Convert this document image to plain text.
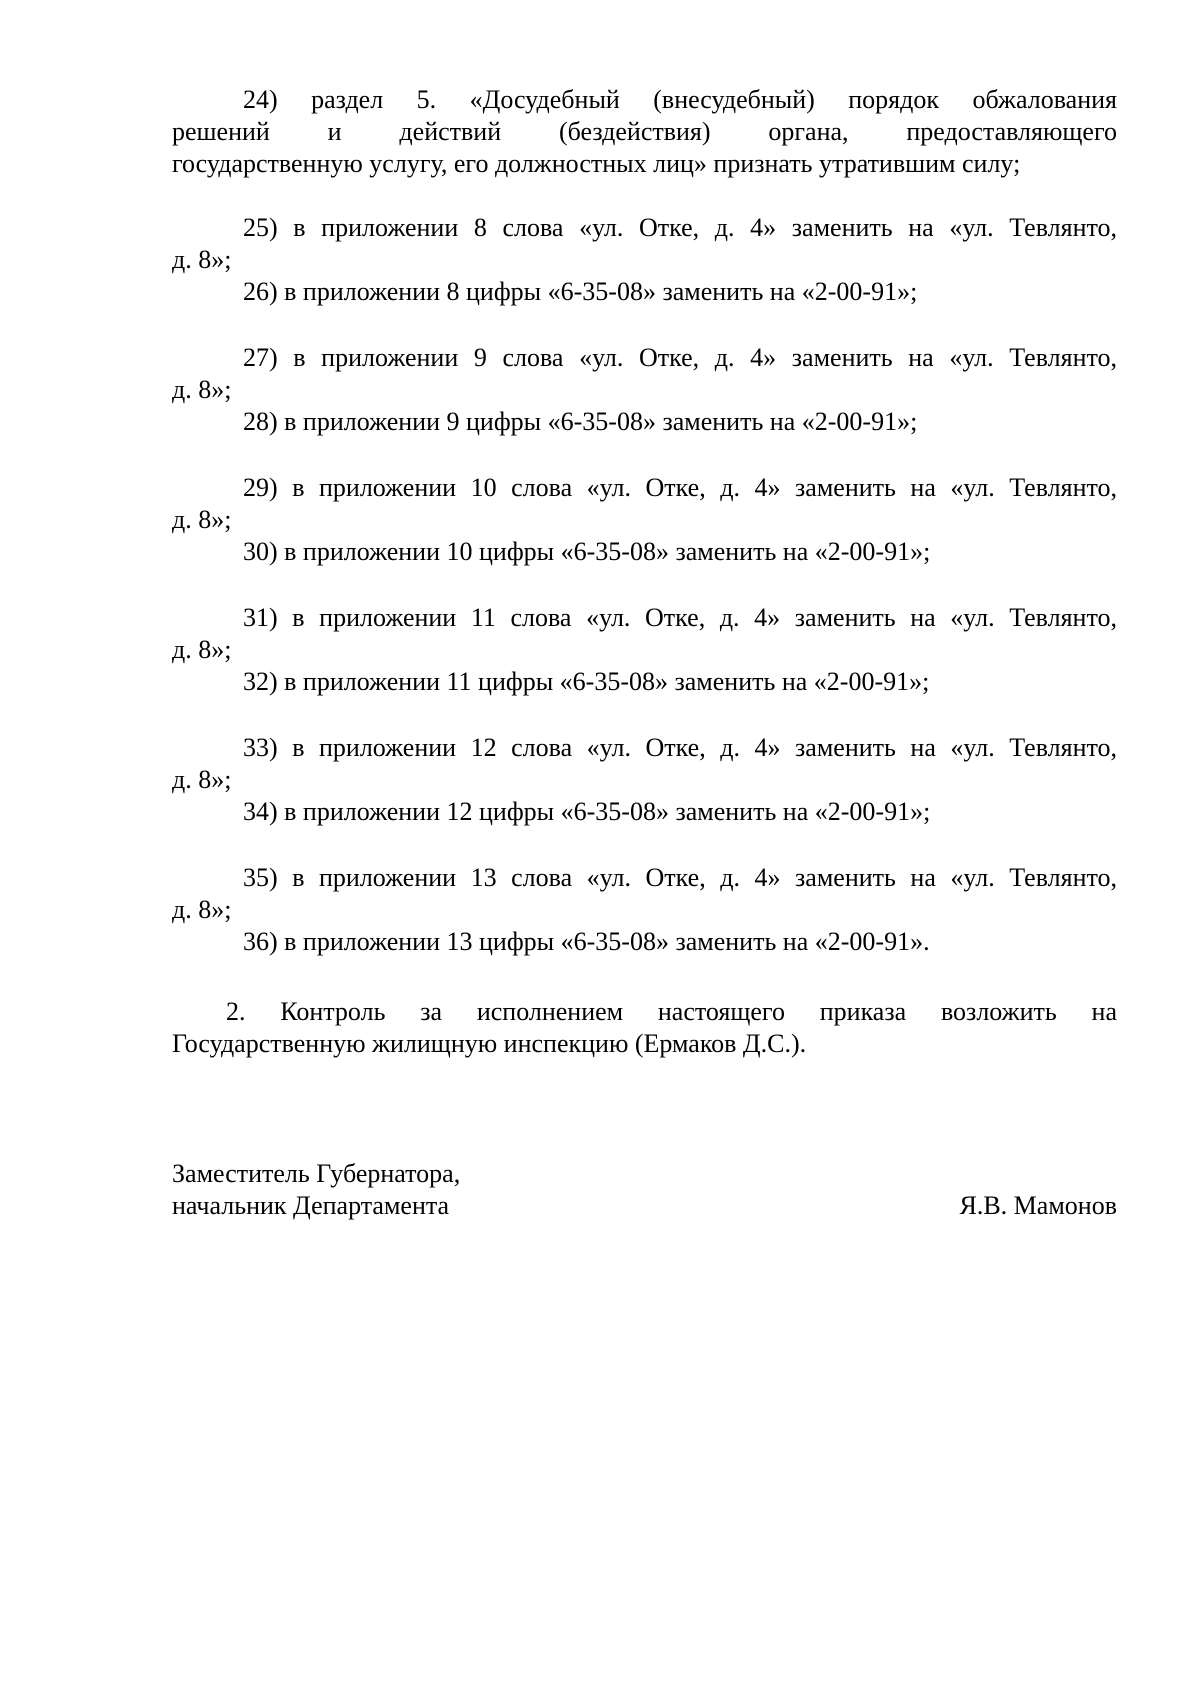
24) раздел 5. «Досудебный (внесудебный) порядок обжалования
решений и действий (бездействия) органа, предоставляющего
государственную услугу, его должностных лиц» признать утратившим силу;
25) в приложении 8 слова «ул. Отке, д. 4» заменить на «ул. Тевлянто,
д. 8»;
26) в приложении 8 цифры «6-35-08» заменить на «2-00-91»;
27) в приложении 9 слова «ул. Отке, д. 4» заменить на «ул. Тевлянто,
д. 8»;
28) в приложении 9 цифры «6-35-08» заменить на «2-00-91»;
29) в приложении 10 слова «ул. Отке, д. 4» заменить на «ул. Тевлянто,
д. 8»;
30) в приложении 10 цифры «6-35-08» заменить на «2-00-91»;
31) в приложении 11 слова «ул. Отке, д. 4» заменить на «ул. Тевлянто,
д. 8»;
32) в приложении 11 цифры «6-35-08» заменить на «2-00-91»;
33) в приложении 12 слова «ул. Отке, д. 4» заменить на «ул. Тевлянто,
д. 8»;
34) в приложении 12 цифры «6-35-08» заменить на «2-00-91»;
35) в приложении 13 слова «ул. Отке, д. 4» заменить на «ул. Тевлянто,
д. 8»;
36) в приложении 13 цифры «6-35-08» заменить на «2-00-91».
2. Контроль за исполнением настоящего приказа возложить на
Государственную жилищную инспекцию (Ермаков Д.С.).
Заместитель Губернатора,
начальник Департамента	Я.В. Мамонов
